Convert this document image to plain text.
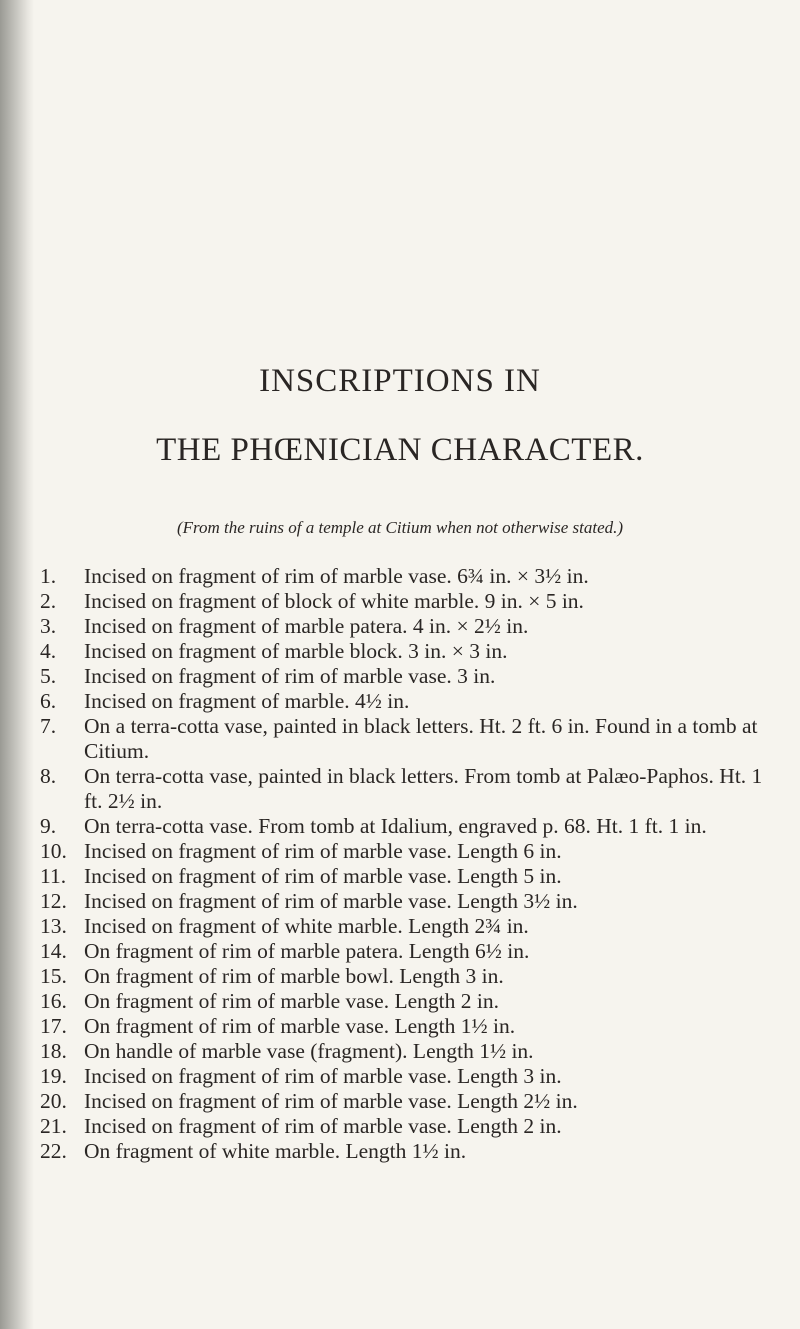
INSCRIPTIONS IN
THE PHŒNICIAN CHARACTER.
(From the ruins of a temple at Citium when not otherwise stated.)
1.	Incised on fragment of rim of marble vase. 6¾ in. × 3½ in.
2.	Incised on fragment of block of white marble. 9 in. × 5 in.
3.	Incised on fragment of marble patera. 4 in. × 2½ in.
4.	Incised on fragment of marble block. 3 in. × 3 in.
5.	Incised on fragment of rim of marble vase. 3 in.
6.	Incised on fragment of marble. 4½ in.
7.	On a terra-cotta vase, painted in black letters. Ht. 2 ft. 6 in. Found in a tomb at Citium.
8.	On terra-cotta vase, painted in black letters. From tomb at Palæo-Paphos. Ht. 1 ft. 2½ in.
9.	On terra-cotta vase. From tomb at Idalium, engraved p. 68. Ht. 1 ft. 1 in.
10. Incised on fragment of rim of marble vase. Length 6 in.
11. Incised on fragment of rim of marble vase. Length 5 in.
12. Incised on fragment of rim of marble vase. Length 3½ in.
13. Incised on fragment of white marble. Length 2¾ in.
14. On fragment of rim of marble patera. Length 6½ in.
15. On fragment of rim of marble bowl. Length 3 in.
16. On fragment of rim of marble vase. Length 2 in.
17. On fragment of rim of marble vase. Length 1½ in.
18. On handle of marble vase (fragment). Length 1½ in.
19. Incised on fragment of rim of marble vase. Length 3 in.
20. Incised on fragment of rim of marble vase. Length 2½ in.
21. Incised on fragment of rim of marble vase. Length 2 in.
22. On fragment of white marble. Length 1½ in.
